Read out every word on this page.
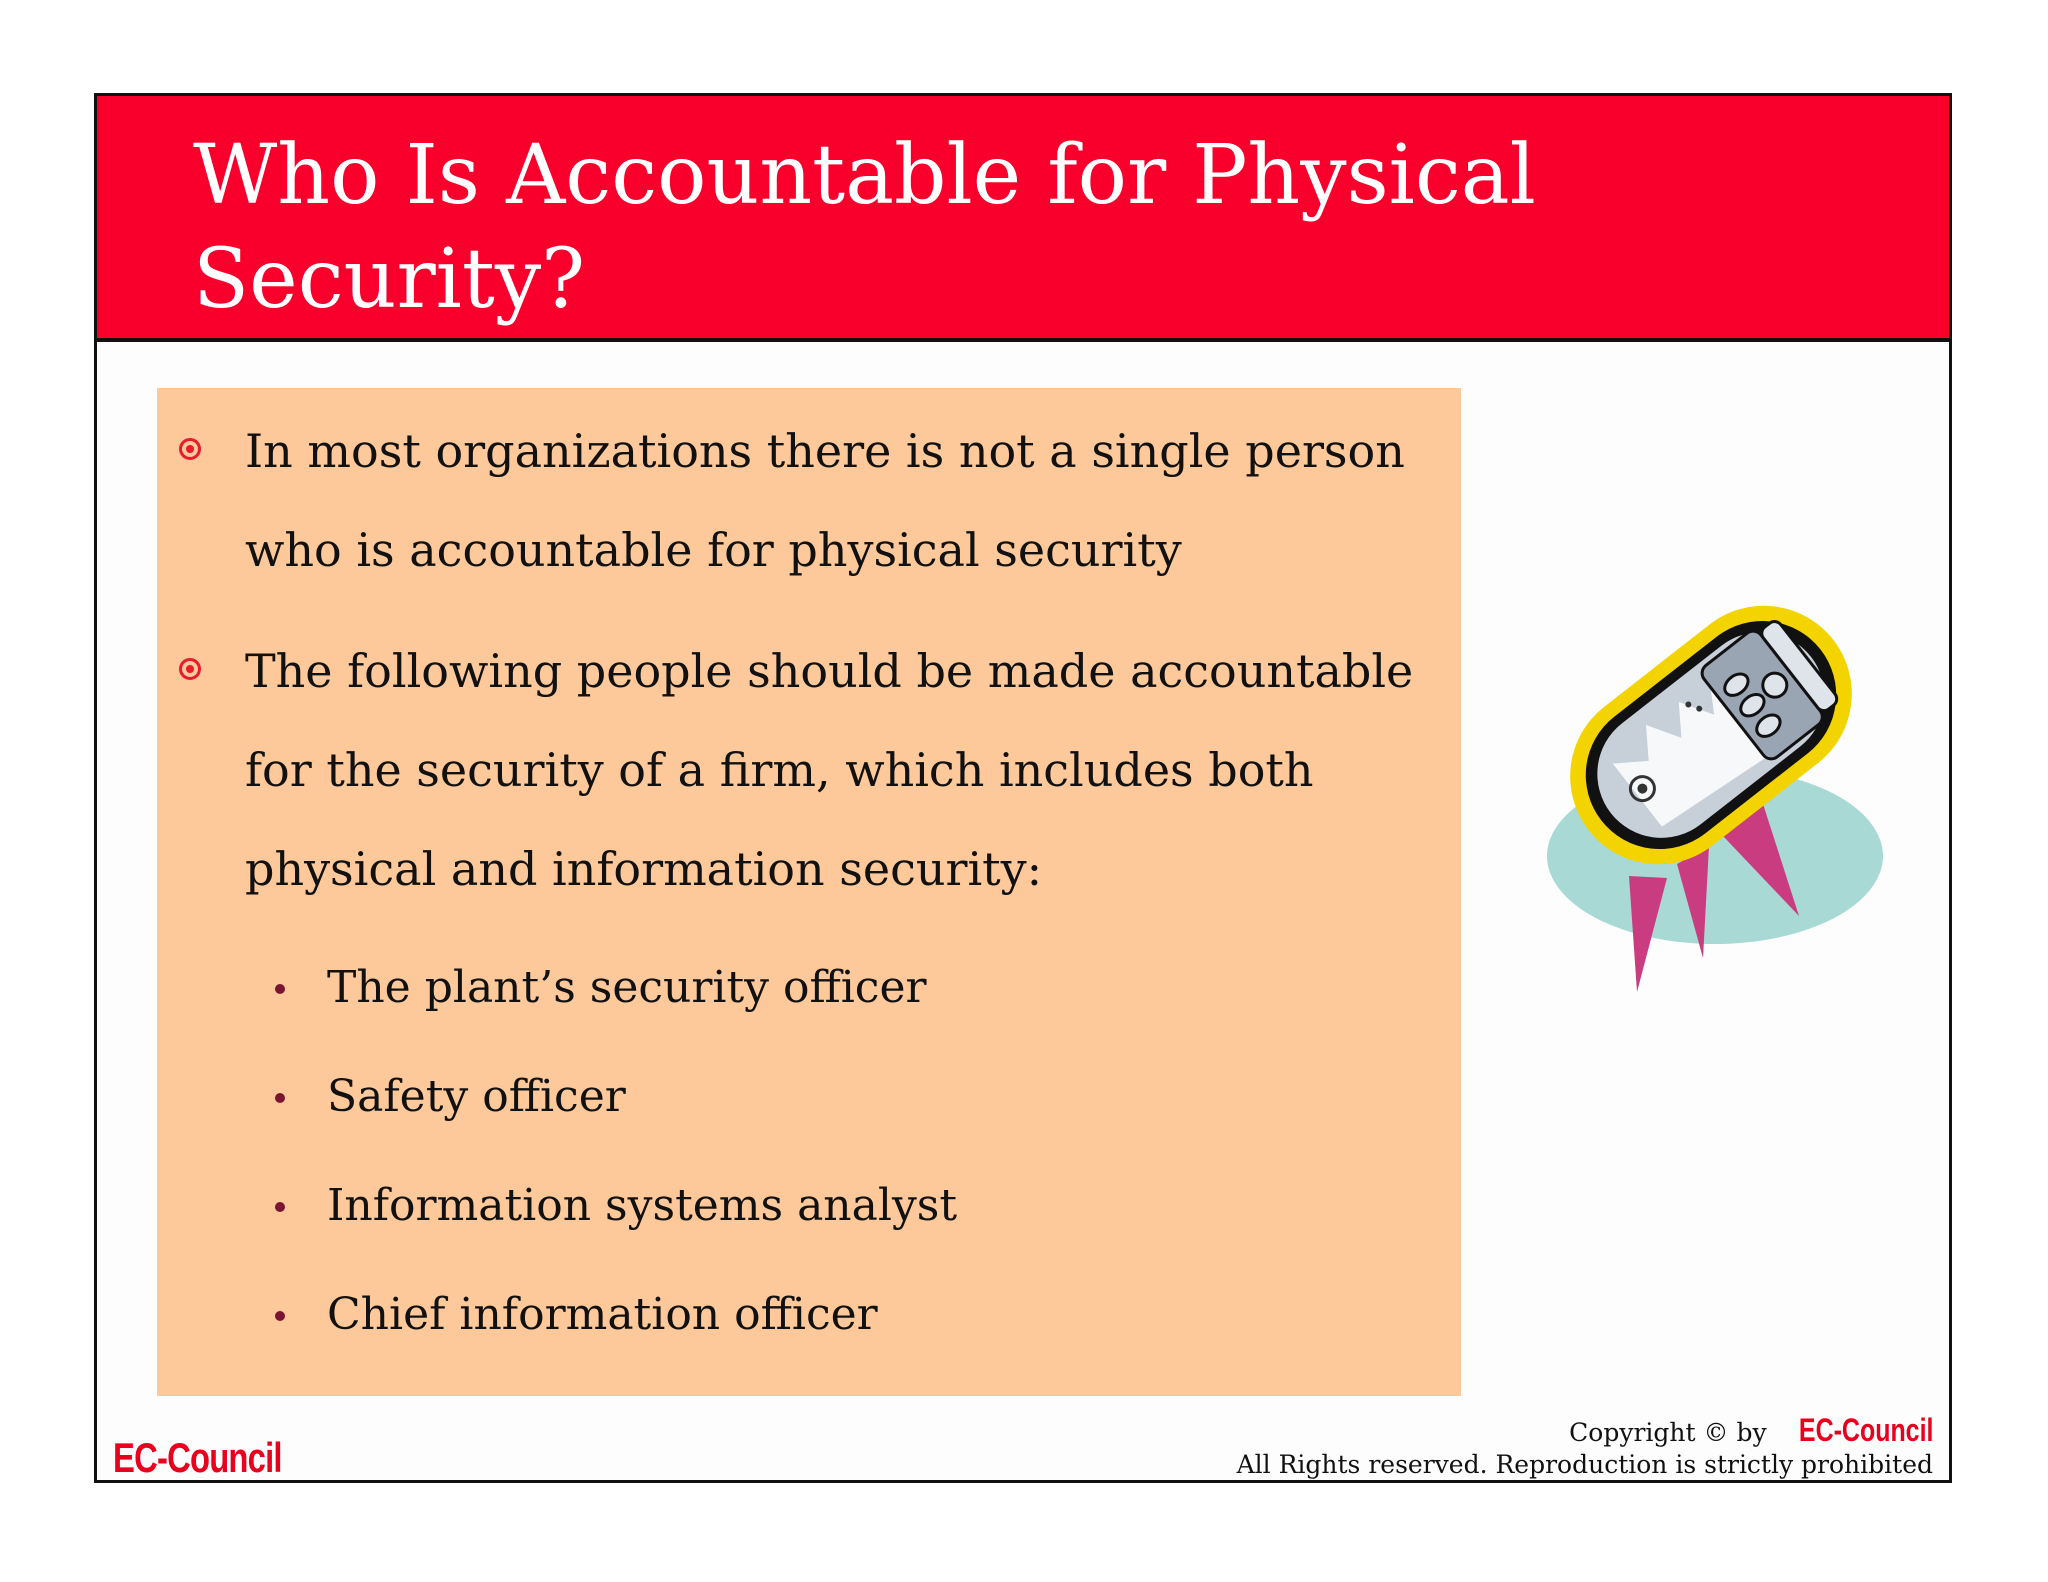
Who Is Accountable for Physical Security?
In most organizations there is not a single person who is accountable for physical security
The following people should be made accountable for the security of a firm, which includes both physical and information security:
The plant’s security officer
Safety officer
Information systems analyst
Chief information officer
EC-Council
Copyright © by EC-Council
All Rights reserved. Reproduction is strictly prohibited
